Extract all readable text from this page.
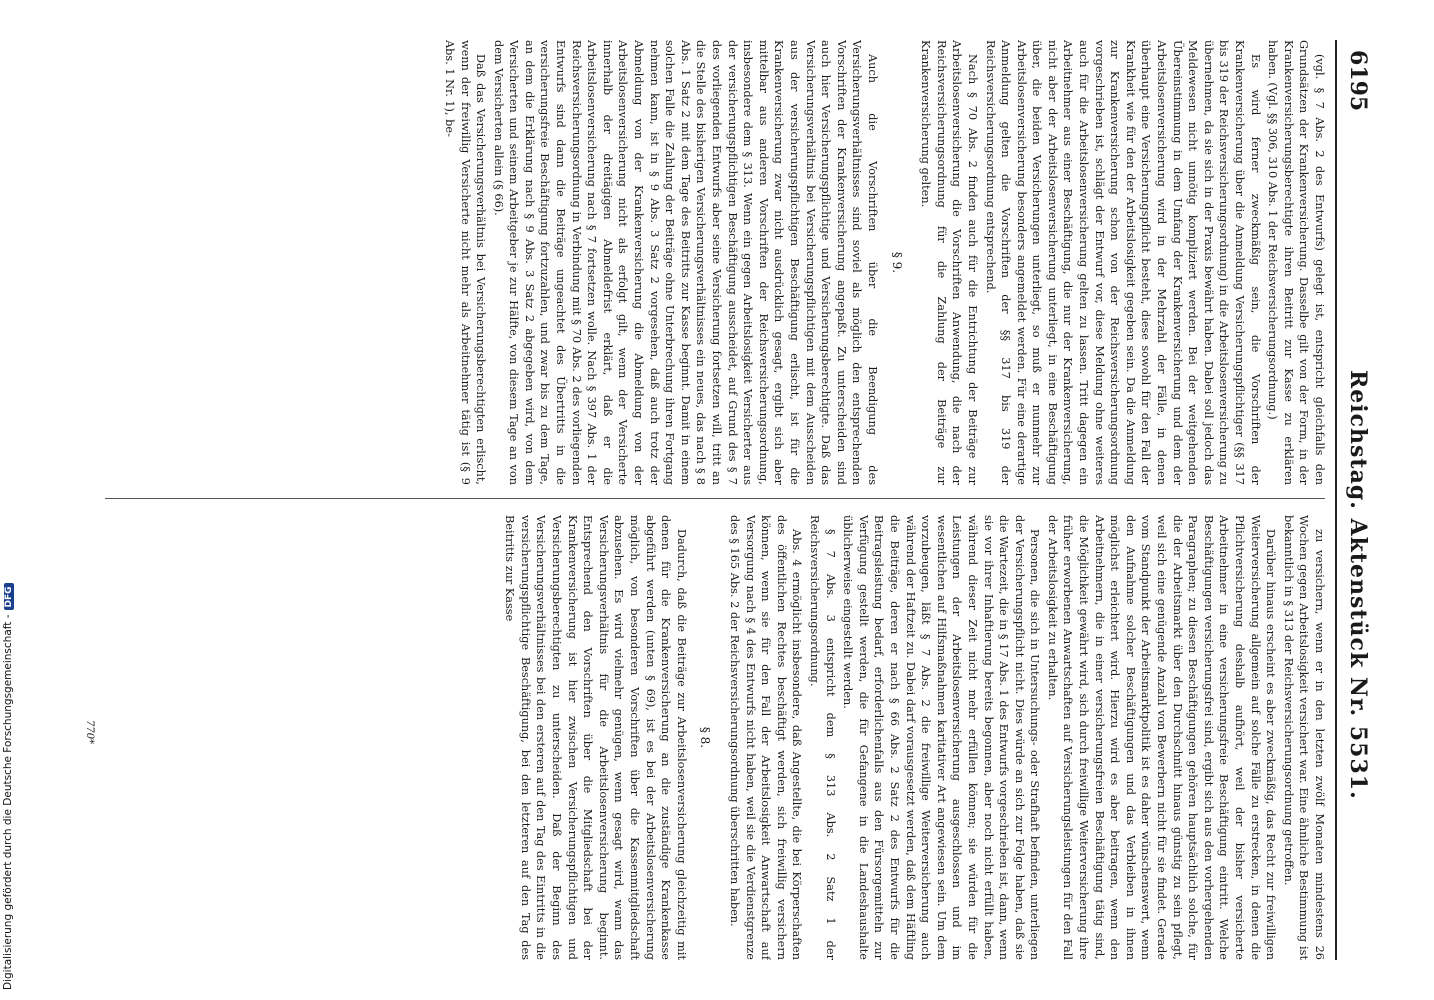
Digitalisierung gefördert durch die Deutsche Forschungsgemeinschaft -DFG
6195
Reichstag. Aktenstück Nr. 5531.

(vgl. § 7 Abs. 2 des Entwurfs) gelegt ist, entspricht gleichfalls den Grundsätzen der Krankenversicherung. Dasselbe gilt von der Form, in der Krankenversicherungsberechtigte ihren Beitritt zur Kasse zu erklären haben. (Vgl. §§ 306, 310 Abs. 1 der Reichsversicherungsordnung.)

Es wird ferner zweckmäßig sein, die Vorschriften der Krankenversicherung über die Anmeldung Versicherungspflichtiger (§§ 317 bis 319 der Reichsversicherungsordnung) in die Arbeitslosenversicherung zu übernehmen, da sie sich in der Praxis bewährt haben. Dabei soll jedoch das Meldewesen nicht unnötig kompliziert werden. Bei der weitgehenden Übereinstimmung in dem Umfang der Krankenversicherung und dem der Arbeitslosenversicherung wird in der Mehrzahl der Fälle, in denen überhaupt eine Versicherungspflicht besteht, diese sowohl für den Fall der Krankheit wie für den der Arbeitslosigkeit gegeben sein. Da die Anmeldung zur Krankenversicherung schon von der Reichsversicherungsordnung vorgeschrieben ist, schlägt der Entwurf vor, diese Meldung ohne weiteres auch für die Arbeitslosenversicherung gelten zu lassen. Tritt dagegen ein Arbeitnehmer aus einer Beschäftigung, die nur der Krankenversicherung, nicht aber der Arbeitslosenversicherung unterliegt, in eine Beschäftigung über, die beiden Versicherungen unterliegt, so muß er nunmehr zur Arbeitslosenversicherung besonders angemeldet werden. Für eine derartige Anmeldung gelten die Vorschriften der §§ 317 bis 319 der Reichsversicherungsordnung entsprechend.

Nach § 70 Abs. 2 finden auch für die Entrichtung der Beiträge zur Arbeitslosenversicherung die Vorschriften Anwendung, die nach der Reichsversicherungsordnung für die Zahlung der Beiträge zur Krankenversicherung gelten.

§ 9.

Auch die Vorschriften über die Beendigung des Versicherungsverhältnisses sind soviel als möglich den entsprechenden Vorschriften der Krankenversicherung angepaßt. Zu unterscheiden sind auch hier Versicherungspflichtige und Versicherungsberechtigte. Daß das Versicherungsverhältnis bei Versicherungspflichtigen mit dem Ausscheiden aus der versicherungspflichtigen Beschäftigung erlischt, ist für die Krankenversicherung zwar nicht ausdrücklich gesagt, ergibt sich aber mittelbar aus anderen Vorschriften der Reichsversicherungsordnung, insbesondere dem § 313. Wenn ein gegen Arbeitslosigkeit Versicherter aus der versicherungspflichtigen Beschäftigung ausscheidet, auf Grund des § 7 des vorliegenden Entwurfs aber seine Versicherung fortsetzen will, tritt an die Stelle des bisherigen Versicherungsverhältnisses ein neues, das nach § 8 Abs. 1 Satz 2 mit dem Tage des Beitritts zur Kasse beginnt. Damit in einem solchen Falle die Zahlung der Beiträge ohne Unterbrechung ihren Fortgang nehmen kann, ist in § 9 Abs. 3 Satz 2 vorgesehen, daß auch trotz der Abmeldung von der Krankenversicherung die Abmeldung von der Arbeitslosenversicherung nicht als erfolgt gilt, wenn der Versicherte innerhalb der dreitägigen Abmeldefrist erklärt, daß er die Arbeitslosenversicherung nach § 7 fortsetzen wolle. Nach § 397 Abs. 1 der Reichsversicherungsordnung in Verbindung mit § 70 Abs. 2 des vorliegenden Entwurfs sind dann die Beiträge ungeachtet des Übertritts in die versicherungsfreie Beschäftigung fortzuzahlen, und zwar bis zu dem Tage, an dem die Erklärung nach § 9 Abs. 3 Satz 2 abgegeben wird, von dem Versicherten und seinem Arbeitgeber je zur Hälfte, von diesem Tage an von dem Versicherten allein (§ 66).

Daß das Versicherungsverhältnis bei Versicherungsberechtigten erlischt, wenn der freiwillig Versicherte nicht mehr als Arbeitnehmer tätig ist (§ 9 Abs. 1 Nr. 1), be-

zu versichern, wenn er in den letzten zwölf Monaten mindestens 26 Wochen gegen Arbeitslosigkeit versichert war. Eine ähnliche Bestimmung ist bekanntlich in § 313 der Reichsversicherungsordnung getroffen.

Darüber hinaus erscheint es aber zweckmäßig, das Recht zur freiwilligen Weiterversicherung allgemein auf solche Fälle zu erstrecken, in denen die Pflichtversicherung deshalb aufhört, weil der bisher versicherte Arbeitnehmer in eine versicherungsfreie Beschäftigung eintritt. Welche Beschäftigungen versicherungsfrei sind, ergibt sich aus den vorhergehenden Paragraphen; zu diesen Beschäftigungen gehören hauptsächlich solche, für die der Arbeitsmarkt über den Durchschnitt hinaus günstig zu sein pflegt, weil sich eine genügende Anzahl von Bewerbern nicht für sie findet. Gerade vom Standpunkt der Arbeitsmarktpolitik ist es daher wünschenswert, wenn den Aufnahme solcher Beschäftigungen und das Verbleiben in ihnen möglichst erleichtert wird. Hierzu wird es aber beitragen, wenn den Arbeitnehmern, die in einer versicherungsfreien Beschäftigung tätig sind, die Möglichkeit gewährt wird, sich durch freiwillige Weiterversicherung ihre früher erworbenen Anwartschaften auf Versicherungsleistungen für den Fall der Arbeitslosigkeit zu erhalten.

Personen, die sich in Untersuchungs- oder Strafhaft befinden, unterliegen der Versicherungspflicht nicht. Dies würde an sich zur Folge haben, daß sie die Wartezeit, die in § 17 Abs. 1 des Entwurfs vorgeschrieben ist, dann, wenn sie vor ihrer Inhaftierung bereits begonnen, aber noch nicht erfüllt haben, während dieser Zeit nicht mehr erfüllen können; sie würden für die Leistungen der Arbeitslosenversicherung ausgeschlossen und im wesentlichen auf Hilfsmaßnahmen karitativer Art angewiesen sein. Um dem vorzubeugen, läßt § 7 Abs. 2 die freiwillige Weiterversicherung auch während der Haftzeit zu. Dabei darf vorausgesetzt werden, daß dem Häftling die Beiträge, deren er nach § 66 Abs. 2 Satz 2 des Entwurfs für die Beitragsleistung bedarf, erforderlichenfalls aus den Fürsorgemitteln zur Verfügung gestellt werden, die für Gefangene in die Landeshaushalte üblicherweise eingestellt werden.

§ 7 Abs. 3 entspricht dem § 313 Abs. 2 Satz 1 der Reichsversicherungsordnung.

Abs. 4 ermöglicht insbesondere, daß Angestellte, die bei Körperschaften des öffentlichen Rechtes beschäftigt werden, sich freiwillig versichern können, wenn sie für den Fall der Arbeitslosigkeit Anwartschaft auf Versorgung nach § 4 des Entwurfs nicht haben, weil sie die Verdienstgrenze des § 165 Abs. 2 der Reichsversicherungsordnung überschritten haben.

§ 8.

Dadurch, daß die Beiträge zur Arbeitslosenversicherung gleichzeitig mit denen für die Krankenversicherung an die zuständige Krankenkasse abgeführt werden (unten § 69), ist es bei der Arbeitslosenversicherung möglich, von besonderen Vorschriften über die Kassenmitgliedschaft abzusehen. Es wird vielmehr genügen, wenn gesagt wird, wann das Versicherungsverhältnis für die Arbeitslosenversicherung beginnt. Entsprechend den Vorschriften über die Mitgliedschaft bei der Krankenversicherung ist hier zwischen Versicherungspflichtigen und Versicherungsberechtigten zu unterscheiden. Daß der Beginn des Versicherungsverhältnisses bei den ersteren auf den Tag des Eintritts in die versicherungspflichtige Beschäftigung, bei den letzteren auf den Tag des Beitritts zur Kasse

770*
